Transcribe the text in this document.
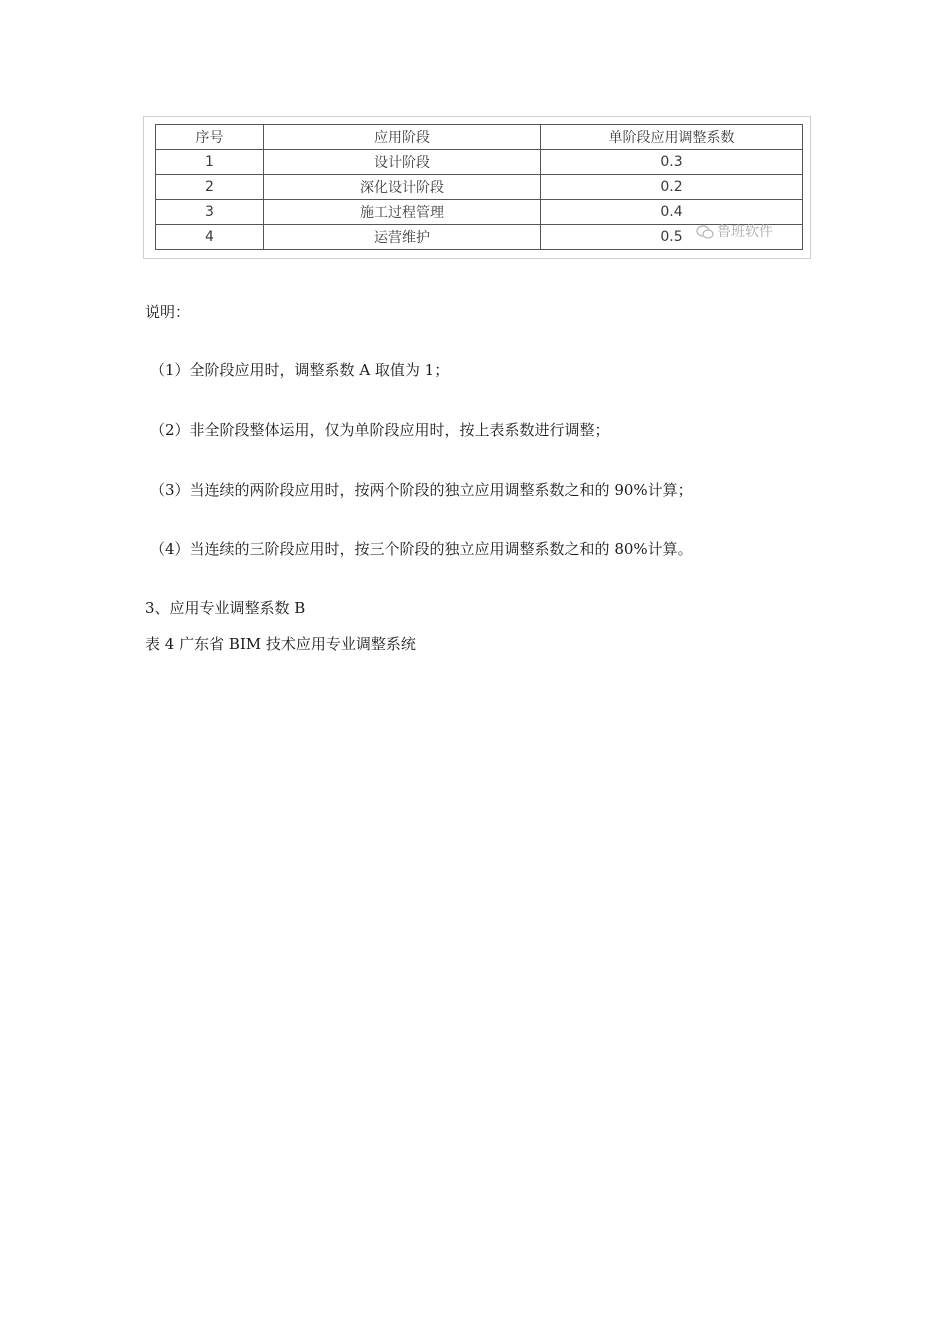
序号	应用阶段	单阶段应用调整系数
1	设计阶段	0.3
2	深化设计阶段	0.2
3	施工过程管理	0.4
4	运营维护	0.5	鲁班软件

说明：

（1）全阶段应用时，调整系数 A 取值为 1；

（2）非全阶段整体运用，仅为单阶段应用时，按上表系数进行调整；

（3）当连续的两阶段应用时，按两个阶段的独立应用调整系数之和的 90%计算；

（4）当连续的三阶段应用时，按三个阶段的独立应用调整系数之和的 80%计算。

3、应用专业调整系数 B

表 4 广东省 BIM 技术应用专业调整系统
